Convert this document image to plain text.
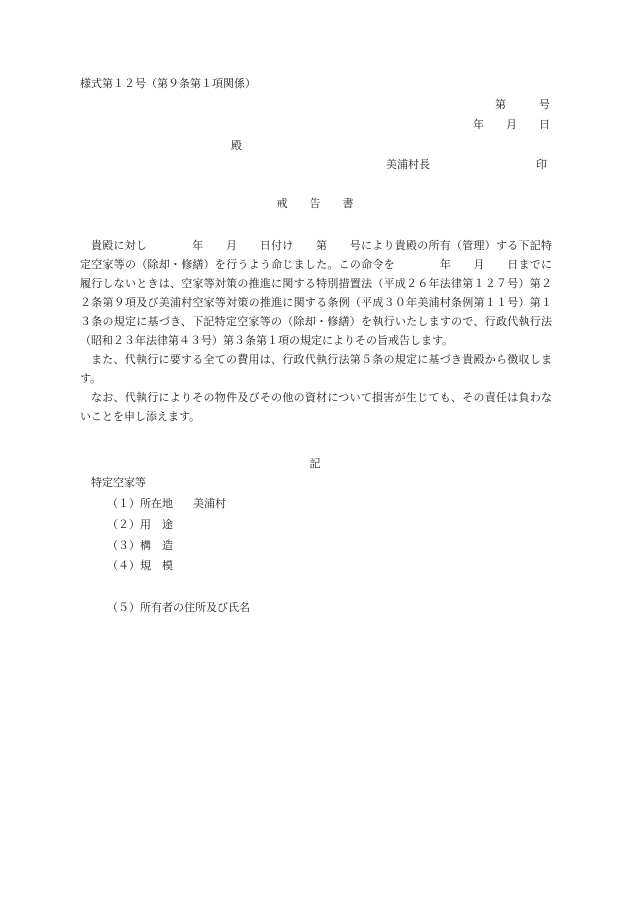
様式第１２号（第９条第１項関係）
第　　　号
年　　月　　日
殿
美浦村長	印
戒　　告　　書

貴殿に対し　　　　年　　月　　日付け　　第　　号により貴殿の所有（管理）する下記特定空家等の（除却・修繕）を行うよう命じました。この命令を　　　　年　　月　　日までに履行しないときは、空家等対策の推進に関する特別措置法（平成２６年法律第１２７号）第２２条第９項及び美浦村空家等対策の推進に関する条例（平成３０年美浦村条例第１１号）第１３条の規定に基づき、下記特定空家等の（除却・修繕）を執行いたしますので、行政代執行法（昭和２３年法律第４３号）第３条第１項の規定によりその旨戒告します。

また、代執行に要する全ての費用は、行政代執行法第５条の規定に基づき貴殿から徴収します。

なお、代執行によりその物件及びその他の資材について損害が生じても、その責任は負わないことを申し添えます。

記
特定空家等
（１）所在地 美浦村
（２）用　途
（３）構　造
（４）規　模
（５）所有者の住所及び氏名
